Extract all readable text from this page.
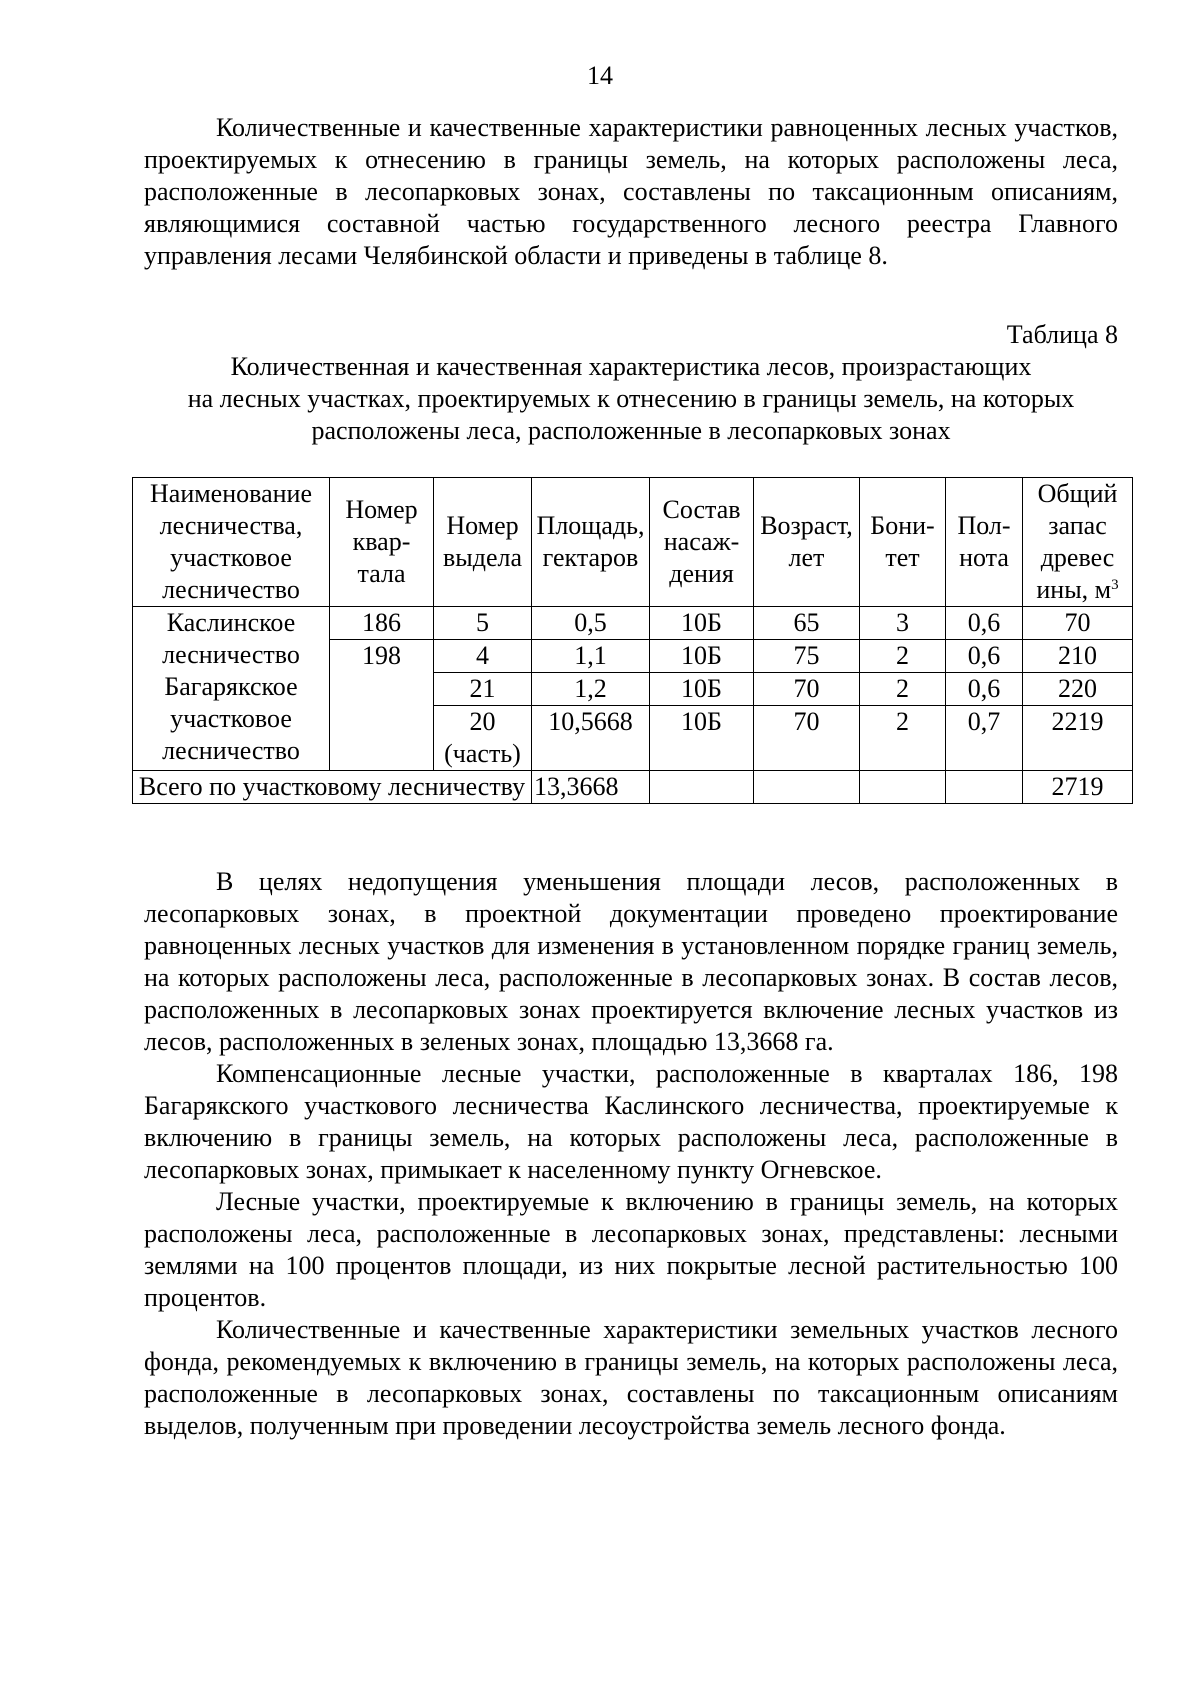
14

Количественные и качественные характеристики равноценных лесных участков, проектируемых к отнесению в границы земель, на которых расположены леса, расположенные в лесопарковых зонах, составлены по таксационным описаниям, являющимися составной частью государственного лесного реестра Главного управления лесами Челябинской области и приведены в таблице 8.

Таблица 8
Количественная и качественная характеристика лесов, произрастающих
на лесных участках, проектируемых к отнесению в границы земель, на которых
расположены леса, расположенные в лесопарковых зонах
Наименование лесничества, участковое лесничество	Номер квар-тала	Номер выдела	Площадь, гектаров	Состав насаж-дения	Возраст, лет	Бони-тет	Пол-нота	Общий запас древес ины, $м^3$
Каслинское лесничество Багарякское участковое лесничество	186	5	0,5	10Б	65	3	0,6	70
	198	4	1,1	10Б	75	2	0,6	210
		21	1,2	10Б	70	2	0,6	220
		20 (часть)	10,5668	10Б	70	2	0,7	2219
Всего по участковому лесничеству			13,3668					2719

В целях недопущения уменьшения площади лесов, расположенных в лесопарковых зонах, в проектной документации проведено проектирование равноценных лесных участков для изменения в установленном порядке границ земель, на которых расположены леса, расположенные в лесопарковых зонах. В состав лесов, расположенных в лесопарковых зонах проектируется включение лесных участков из лесов, расположенных в зеленых зонах, площадью 13,3668 га.

Компенсационные лесные участки, расположенные в кварталах 186, 198 Багарякского участкового лесничества Каслинского лесничества, проектируемые к включению в границы земель, на которых расположены леса, расположенные в лесопарковых зонах, примыкает к населенному пункту Огневское.

Лесные участки, проектируемые к включению в границы земель, на которых расположены леса, расположенные в лесопарковых зонах, представлены: лесными землями на 100 процентов площади, из них покрытые лесной растительностью 100 процентов.

Количественные и качественные характеристики земельных участков лесного фонда, рекомендуемых к включению в границы земель, на которых расположены леса, расположенные в лесопарковых зонах, составлены по таксационным описаниям выделов, полученным при проведении лесоустройства земель лесного фонда.
